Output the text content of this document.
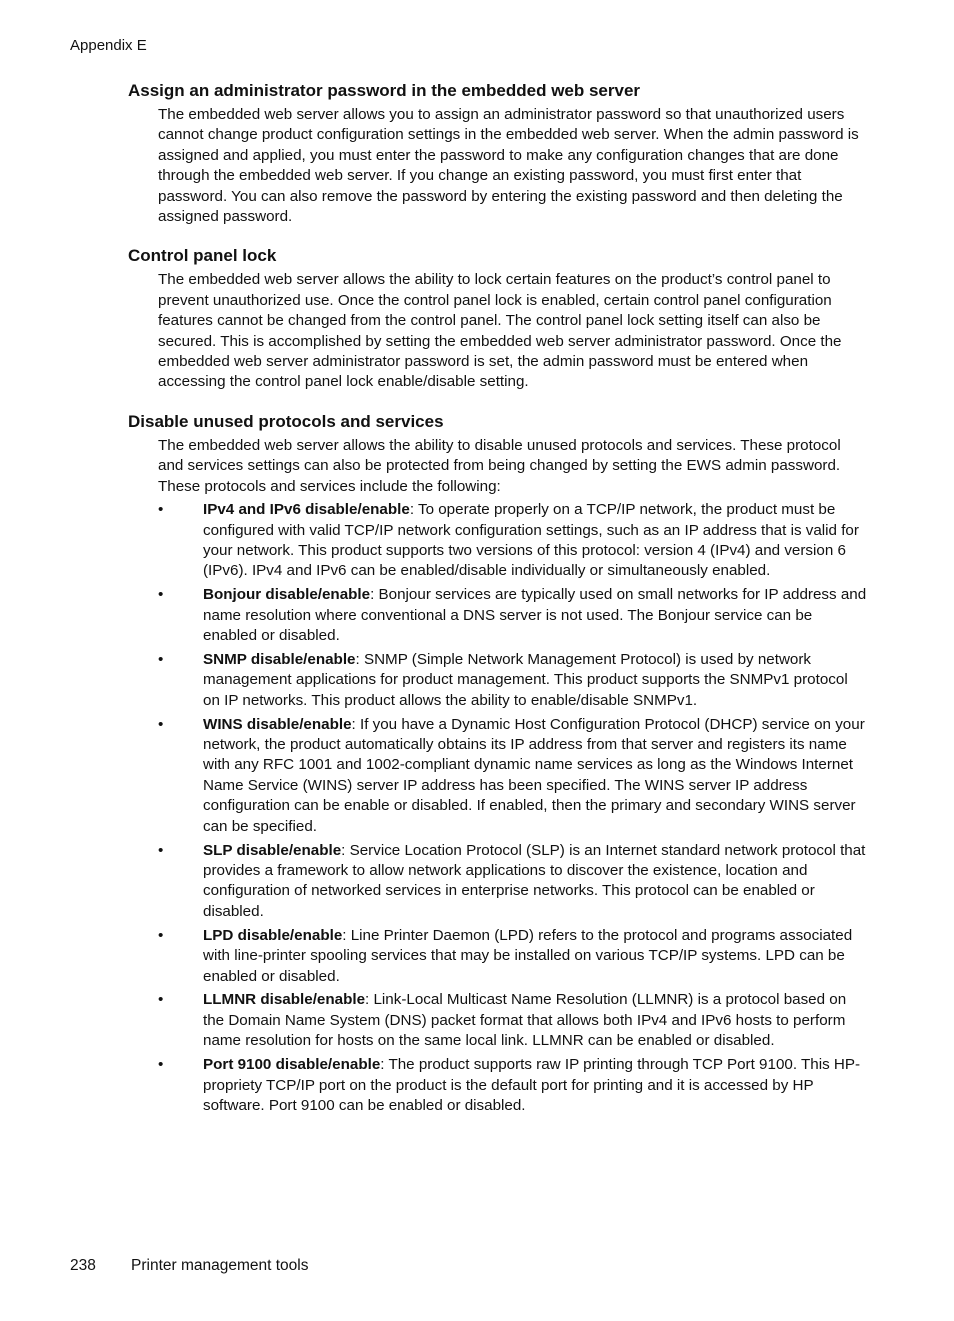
Appendix E
Assign an administrator password in the embedded web server

The embedded web server allows you to assign an administrator password so that unauthorized users cannot change product configuration settings in the embedded web server. When the admin password is assigned and applied, you must enter the password to make any configuration changes that are done through the embedded web server. If you change an existing password, you must first enter that password. You can also remove the password by entering the existing password and then deleting the assigned password.

Control panel lock

The embedded web server allows the ability to lock certain features on the product’s control panel to prevent unauthorized use. Once the control panel lock is enabled, certain control panel configuration features cannot be changed from the control panel. The control panel lock setting itself can also be secured. This is accomplished by setting the embedded web server administrator password. Once the embedded web server administrator password is set, the admin password must be entered when accessing the control panel lock enable/disable setting.

Disable unused protocols and services

The embedded web server allows the ability to disable unused protocols and services. These protocol and services settings can also be protected from being changed by setting the EWS admin password. These protocols and services include the following:

•	IPv4 and IPv6 disable/enable: To operate properly on a TCP/IP network, the product must be configured with valid TCP/IP network configuration settings, such as an IP address that is valid for your network. This product supports two versions of this protocol: version 4 (IPv4) and version 6 (IPv6). IPv4 and IPv6 can be enabled/disable individually or simultaneously enabled.
•	Bonjour disable/enable: Bonjour services are typically used on small networks for IP address and name resolution where conventional a DNS server is not used. The Bonjour service can be enabled or disabled.
•	SNMP disable/enable: SNMP (Simple Network Management Protocol) is used by network management applications for product management. This product supports the SNMPv1 protocol on IP networks. This product allows the ability to enable/disable SNMPv1.
•	WINS disable/enable: If you have a Dynamic Host Configuration Protocol (DHCP) service on your network, the product automatically obtains its IP address from that server and registers its name with any RFC 1001 and 1002-compliant dynamic name services as long as the Windows Internet Name Service (WINS) server IP address has been specified. The WINS server IP address configuration can be enable or disabled. If enabled, then the primary and secondary WINS server can be specified.
•	SLP disable/enable: Service Location Protocol (SLP) is an Internet standard network protocol that provides a framework to allow network applications to discover the existence, location and configuration of networked services in enterprise networks. This protocol can be enabled or disabled.
•	LPD disable/enable: Line Printer Daemon (LPD) refers to the protocol and programs associated with line-printer spooling services that may be installed on various TCP/IP systems. LPD can be enabled or disabled.
•	LLMNR disable/enable: Link-Local Multicast Name Resolution (LLMNR) is a protocol based on the Domain Name System (DNS) packet format that allows both IPv4 and IPv6 hosts to perform name resolution for hosts on the same local link. LLMNR can be enabled or disabled.
•	Port 9100 disable/enable: The product supports raw IP printing through TCP Port 9100. This HP-propriety TCP/IP port on the product is the default port for printing and it is accessed by HP software. Port 9100 can be enabled or disabled.
238 Printer management tools
